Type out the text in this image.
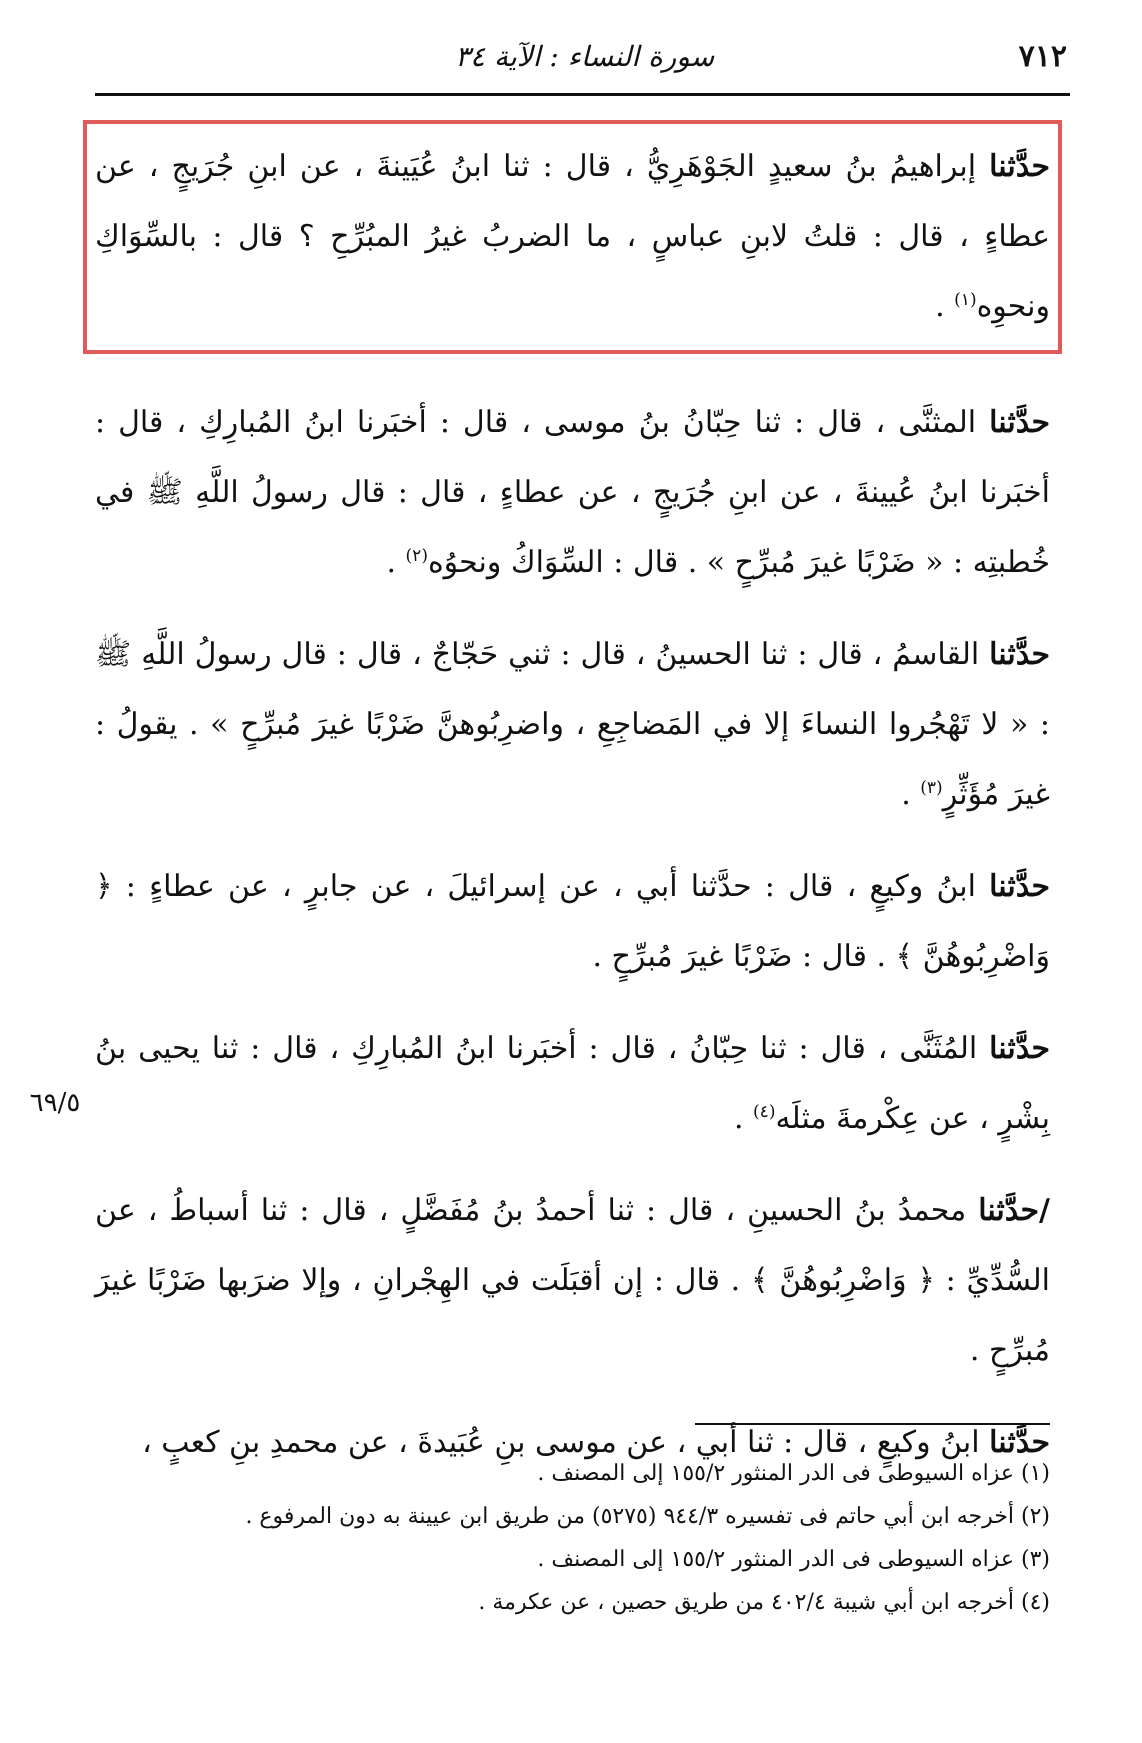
٧١٢
سورة النساء : الآية ٣٤

حدَّثنا إبراهيمُ بنُ سعيدٍ الجَوْهَرِيُّ ، قال : ثنا ابنُ عُيَينةَ ، عن ابنِ جُرَيجٍ ، عن عطاءٍ ، قال : قلتُ لابنِ عباسٍ ، ما الضربُ غيرُ المبُرِّحِ ؟ قال : بالسِّوَاكِ ونحوِه$^{(١)}$ .

حدَّثنا المثنَّى ، قال : ثنا حِبّانُ بنُ موسى ، قال : أخبَرنا ابنُ المُبارِكِ ، قال : أخبَرنا ابنُ عُيينةَ ، عن ابنِ جُرَيجٍ ، عن عطاءٍ ، قال : قال رسولُ اللَّهِ ﷺ في خُطبتِه : « ضَرْبًا غيرَ مُبرِّحٍ » . قال : السِّوَاكُ ونحوُه$^{(٢)}$ .

حدَّثنا القاسمُ ، قال : ثنا الحسينُ ، قال : ثني حَجّاجٌ ، قال : قال رسولُ اللَّهِ ﷺ : « لا تَهْجُروا النساءَ إلا في المَضاجِعِ ، واضرِبُوهنَّ ضَرْبًا غيرَ مُبرِّحٍ » . يقولُ : غيرَ مُؤَثِّرٍ$^{(٣)}$ .

حدَّثنا ابنُ وكيعٍ ، قال : حدَّثنا أبي ، عن إسرائيلَ ، عن جابرٍ ، عن عطاءٍ : ﴿ وَاضْرِبُوهُنَّ ﴾ . قال : ضَرْبًا غيرَ مُبرِّحٍ .

حدَّثنا المُثَنَّى ، قال : ثنا حِبّانُ ، قال : أخبَرنا ابنُ المُبارِكِ ، قال : ثنا يحيى بنُ بِشْرٍ ، عن عِكْرمةَ مثلَه$^{(٤)}$ .

/حدَّثنا محمدُ بنُ الحسينِ ، قال : ثنا أحمدُ بنُ مُفَضَّلٍ ، قال : ثنا أسباطُ ، عن السُّدِّيِّ : ﴿ وَاضْرِبُوهُنَّ ﴾ . قال : إن أقبَلَت في الهِجْرانِ ، وإلا ضرَبها ضَرْبًا غيرَ مُبرِّحٍ .

حدَّثنا ابنُ وكيعٍ ، قال : ثنا أبي ، عن موسى بنِ عُبَيدةَ ، عن محمدِ بنِ كعبٍ ،

٦٩/٥

(١) عزاه السيوطى فى الدر المنثور ١٥٥/٢ إلى المصنف .

(٢) أخرجه ابن أبي حاتم فى تفسيره ٩٤٤/٣ (٥٢٧٥) من طريق ابن عيينة به دون المرفوع .

(٣) عزاه السيوطى فى الدر المنثور ١٥٥/٢ إلى المصنف .

(٤) أخرجه ابن أبي شيبة ٤٠٢/٤ من طريق حصين ، عن عكرمة .
